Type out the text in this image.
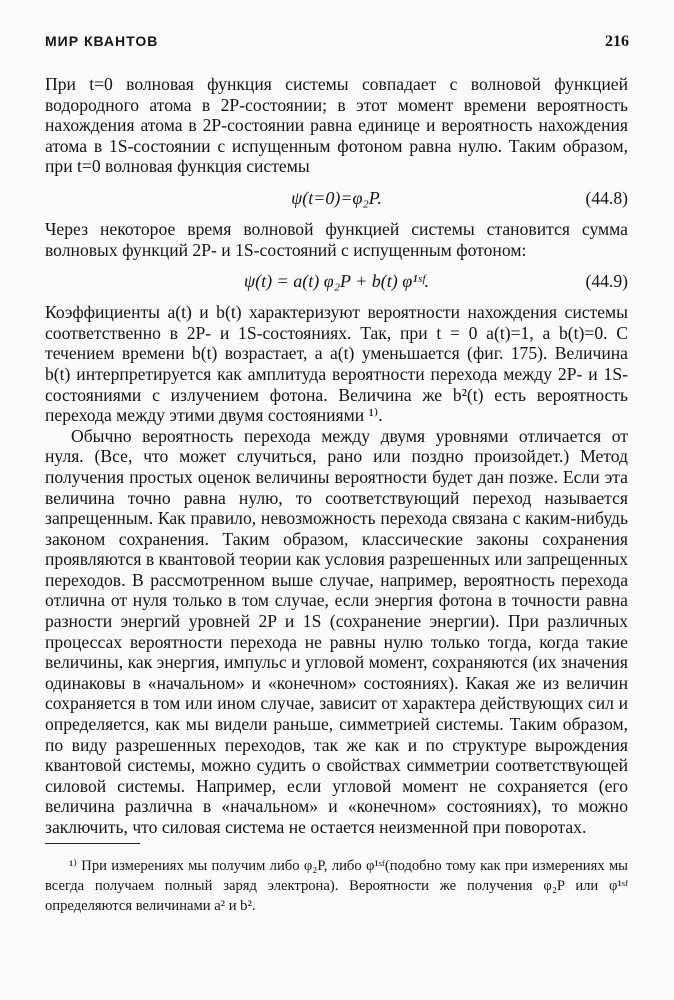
МИР КВАНТОВ	216

При t=0 волновая функция системы совпадает с волновой функцией водородного атома в 2P-состоянии; в этот момент времени вероятность нахождения атома в 2P-состоянии равна единице и вероятность нахождения атома в 1S-состоянии с испущенным фотоном равна нулю. Таким образом, при t=0 волновая функция системы

ψ(t=0)=φ₂P.	(44.8)

Через некоторое время волновой функцией системы становится сумма волновых функций 2P- и 1S-состояний с испущенным фотоном:

ψ(t) = a(t) φ₂P + b(t) φ¹ˢᶠ.	(44.9)

Коэффициенты a(t) и b(t) характеризуют вероятности нахождения системы соответственно в 2P- и 1S-состояниях. Так, при t = 0 a(t)=1, a b(t)=0. С течением времени b(t) возрастает, а a(t) уменьшается (фиг. 175). Величина b(t) интерпретируется как амплитуда вероятности перехода между 2P- и 1S-состояниями с излучением фотона. Величина же b²(t) есть вероятность перехода между этими двумя состояниями ¹⁾.

Обычно вероятность перехода между двумя уровнями отличается от нуля. (Все, что может случиться, рано или поздно произойдет.) Метод получения простых оценок величины вероятности будет дан позже. Если эта величина точно равна нулю, то соответствующий переход называется запрещенным. Как правило, невозможность перехода связана с каким-нибудь законом сохранения. Таким образом, классические законы сохранения проявляются в квантовой теории как условия разрешенных или запрещенных переходов. В рассмотренном выше случае, например, вероятность перехода отлична от нуля только в том случае, если энергия фотона в точности равна разности энергий уровней 2P и 1S (сохранение энергии). При различных процессах вероятности перехода не равны нулю только тогда, когда такие величины, как энергия, импульс и угловой момент, сохраняются (их значения одинаковы в «начальном» и «конечном» состояниях). Какая же из величин сохраняется в том или ином случае, зависит от характера действующих сил и определяется, как мы видели раньше, симметрией системы. Таким образом, по виду разрешенных переходов, так же как и по структуре вырождения квантовой системы, можно судить о свойствах симметрии соответствующей силовой системы. Например, если угловой момент не сохраняется (его величина различна в «начальном» и «конечном» состояниях), то можно заключить, что силовая система не остается неизменной при поворотах.

¹⁾ При измерениях мы получим либо φ₂P, либо φ¹ˢᶠ(подобно тому как при измерениях мы всегда получаем полный заряд электрона). Вероятности же получения φ₂P или φ¹ˢᶠ определяются величинами a² и b².
